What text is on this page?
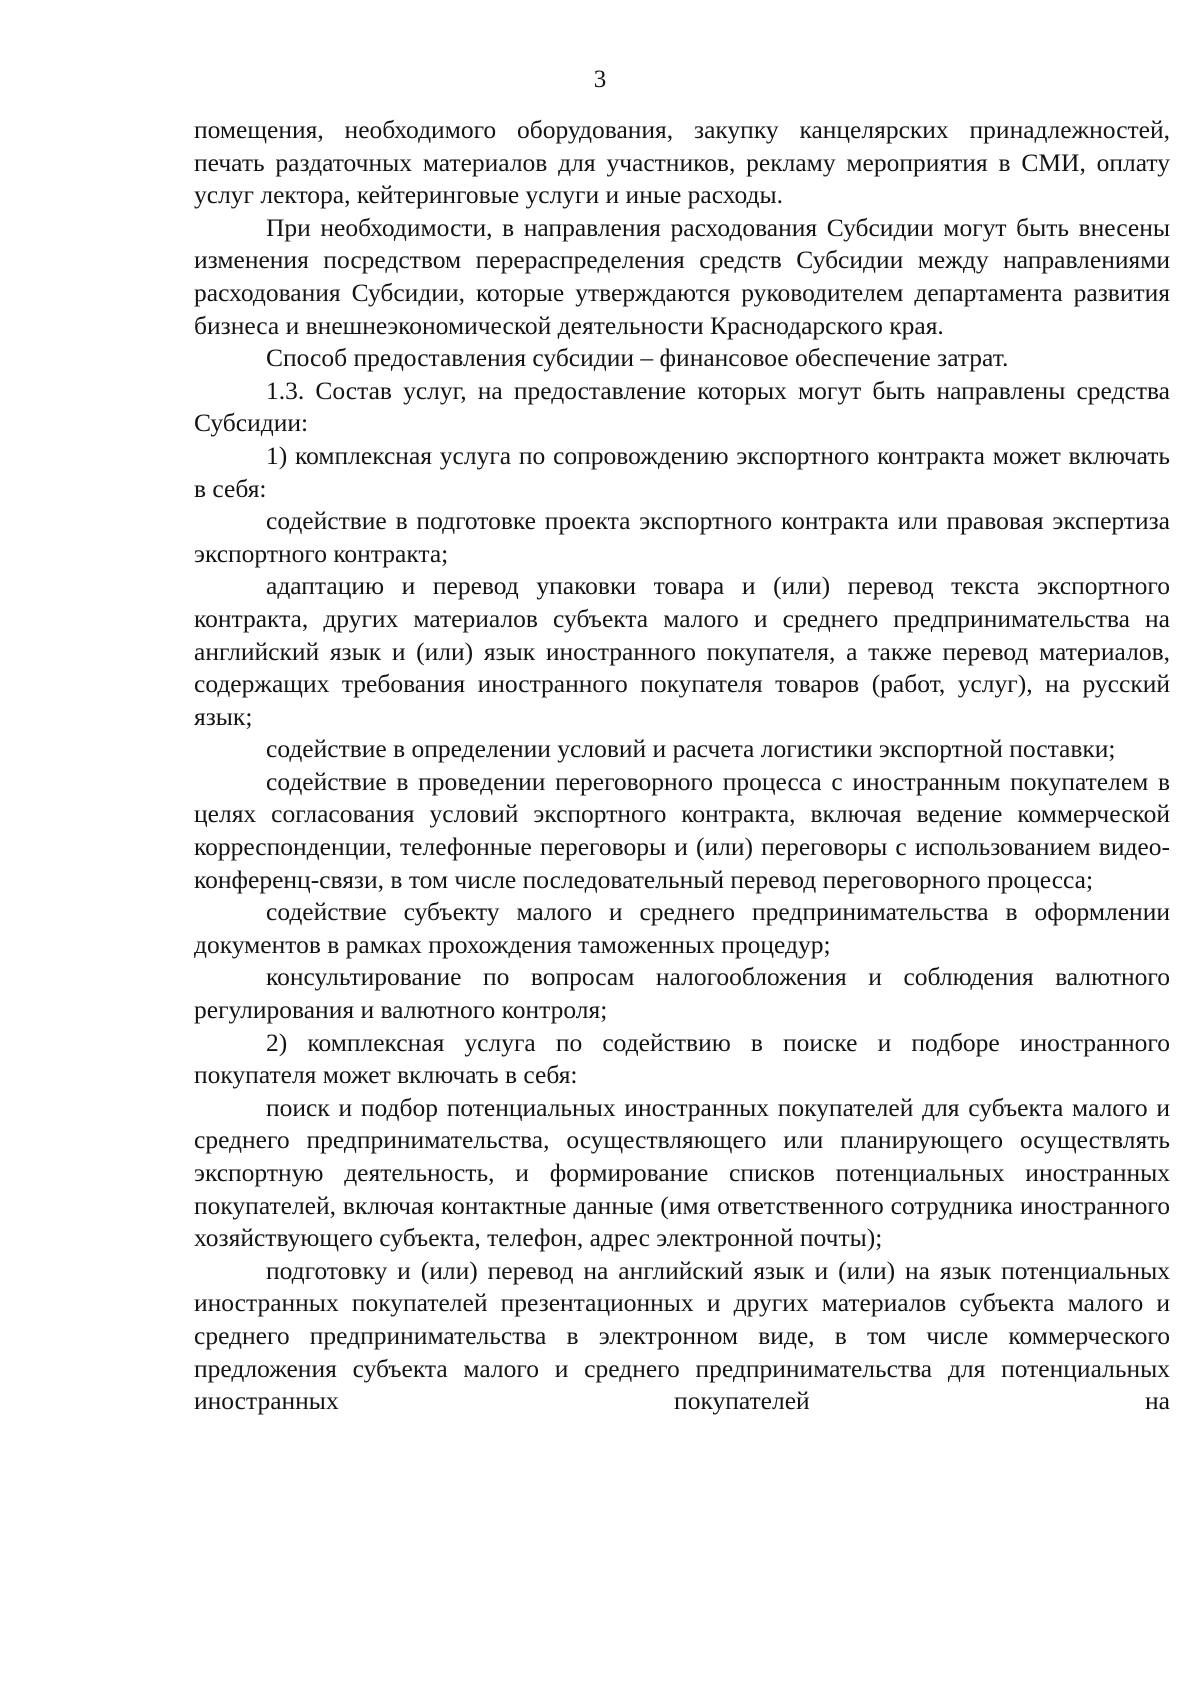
3

помещения, необходимого оборудования, закупку канцелярских принадлежностей, печать раздаточных материалов для участников, рекламу мероприятия в СМИ, оплату услуг лектора, кейтеринговые услуги и иные расходы.

При необходимости, в направления расходования Субсидии могут быть внесены изменения посредством перераспределения средств Субсидии между направлениями расходования Субсидии, которые утверждаются руководителем департамента развития бизнеса и внешнеэкономической деятельности Краснодарского края.

Способ предоставления субсидии – финансовое обеспечение затрат.

1.3. Состав услуг, на предоставление которых могут быть направлены средства Субсидии:

1) комплексная услуга по сопровождению экспортного контракта может включать в себя:

содействие в подготовке проекта экспортного контракта или правовая экспертиза экспортного контракта;

адаптацию и перевод упаковки товара и (или) перевод текста экспортного контракта, других материалов субъекта малого и среднего предпринимательства на английский язык и (или) язык иностранного покупателя, а также перевод материалов, содержащих требования иностранного покупателя товаров (работ, услуг), на русский язык;

содействие в определении условий и расчета логистики экспортной поставки;

содействие в проведении переговорного процесса с иностранным покупателем в целях согласования условий экспортного контракта, включая ведение коммерческой корреспонденции, телефонные переговоры и (или) переговоры с использованием видео-конференц-связи, в том числе последовательный перевод переговорного процесса;

содействие субъекту малого и среднего предпринимательства в оформлении документов в рамках прохождения таможенных процедур;

консультирование по вопросам налогообложения и соблюдения валютного регулирования и валютного контроля;

2) комплексная услуга по содействию в поиске и подборе иностранного покупателя может включать в себя:

поиск и подбор потенциальных иностранных покупателей для субъекта малого и среднего предпринимательства, осуществляющего или планирующего осуществлять экспортную деятельность, и формирование списков потенциальных иностранных покупателей, включая контактные данные (имя ответственного сотрудника иностранного хозяйствующего субъекта, телефон, адрес электронной почты);

подготовку и (или) перевод на английский язык и (или) на язык потенциальных иностранных покупателей презентационных и других материалов субъекта малого и среднего предпринимательства в электронном виде, в том числе коммерческого предложения субъекта малого и среднего предпринимательства для потенциальных иностранных покупателей на
